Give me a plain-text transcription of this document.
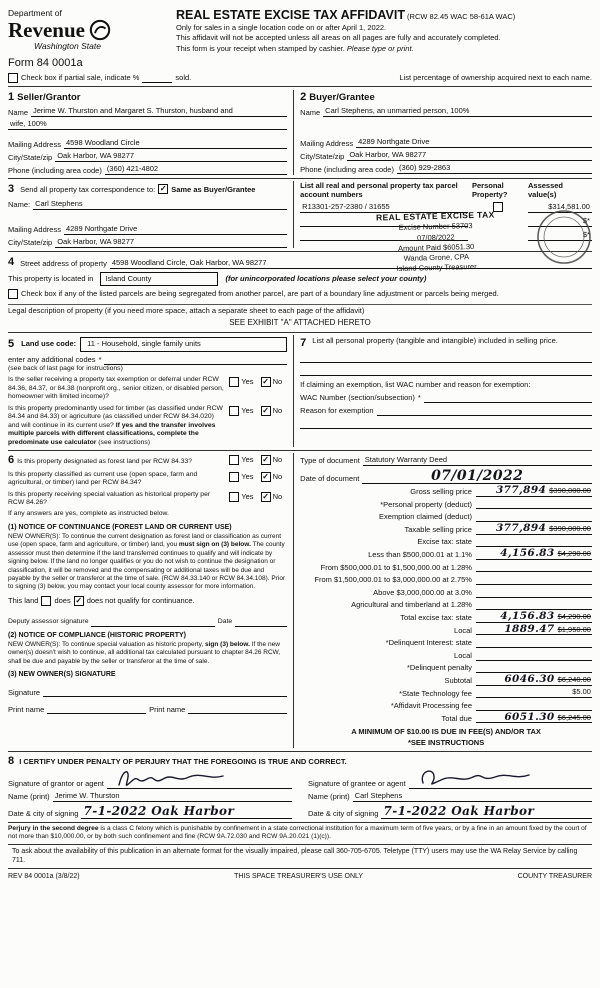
Department of
Revenue
Washington State
REAL ESTATE EXCISE TAX AFFIDAVIT (RCW 82.45 WAC 58-61A WAC)
Only for sales in a single location code on or after April 1, 2022.
This affidavit will not be accepted unless all areas on all pages are fully and accurately completed.
This form is your receipt when stamped by cashier. Please type or print.
Form 84 0001a
Check box if partial sale, indicate %	sold.	List percentage of ownership acquired next to each name.
1 Seller/Grantor
Name Jerime W. Thurston and Margaret S. Thurston, husband and
wife, 100%
Mailing Address 4598 Woodland Circle
City/State/zip Oak Harbor, WA 98277
Phone (including area code) (360) 421-4802
2 Buyer/Grantee
Name Carl Stephens, an unmarried person, 100%
Mailing Address 4289 Northgate Drive
City/State/zip Oak Harbor, WA 98277
Phone (including area code) (360) 929-2863
3 Send all property tax correspondence to: ✓ Same as Buyer/Grantee
Name: Carl Stephens
Mailing Address 4289 Northgate Drive
City/State/zip Oak Harbor, WA 98277
List all real and personal property tax parcel account numbers
Personal Property?
Assessed value(s)
R13301-257-2380 / 31655	$314,581.00
$*
$*
REAL ESTATE EXCISE TAX
Excise Number 53703
07/08/2022
Amount Paid $6051.30
Wanda Grone, CPA
Island County Treasurer
4 Street address of property 4598 Woodland Circle, Oak Harbor, WA 98277
This property is located in	Island County	(for unincorporated locations please select your county)
Check box if any of the listed parcels are being segregated from another parcel, are part of a boundary line adjustment or parcels being merged.
Legal description of property (if you need more space, attach a separate sheet to each page of the affidavit)
SEE EXHIBIT "A" ATTACHED HERETO
5 Land use code:	11 - Household, single family units
enter any additional codes *
(see back of last page for instructions)
Is the seller receiving a property tax exemption or deferral under RCW 84.36, 84.37, or 84.38 (nonprofit org., senior citizen, or disabled person, homeowner with limited income)?
Yes ✓ No
Is this property predominantly used for timber (as classified under RCW 84.34 and 84.33) or agriculture (as classified under RCW 84.34.020) and will continue in its current use? If yes and the transfer involves multiple parcels with different classifications, complete the predominate use calculator (see instructions)
Yes ✓ No
7 List all personal property (tangible and intangible) included in selling price.
If claiming an exemption, list WAC number and reason for exemption:
WAC Number (section/subsection) *
Reason for exemption
6 Is this property designated as forest land per RCW 84.33?	Yes ✓ No
Is this property classified as current use (open space, farm and agricultural, or timber) land per RCW 84.34?
Yes ✓ No
Is this property receiving special valuation as historical property per RCW 84.26?
Yes ✓ No
If any answers are yes, complete as instructed below.
(1) NOTICE OF CONTINUANCE (FOREST LAND OR CURRENT USE)
NEW OWNER(S): To continue the current designation as forest land or classification as current use (open space, farm and agriculture, or timber) land, you must sign on (3) below. The county assessor must then determine if the land transferred continues to qualify and will indicate by signing below. If the land no longer qualifies or you do not wish to continue the designation or classification, it will be removed and the compensating or additional taxes will be due and payable by the seller or transferor at the time of sale. (RCW 84.33.140 or RCW 84.34.108). Prior to signing (3) below, you may contact your local county assessor for more information.
This land does ✓ does not qualify for continuance.
Deputy assessor signature	Date
(2) NOTICE OF COMPLIANCE (HISTORIC PROPERTY)
NEW OWNER(S): To continue special valuation as historic property, sign (3) below. If the new owner(s) doesn't wish to continue, all additional tax calculated pursuant to chapter 84.26 RCW, shall be due and payable by the seller or transferor at the time of sale.
(3) NEW OWNER(S) SIGNATURE
Signature
Print name	Print name
Type of document Statutory Warranty Deed
Date of document	07/01/2022
Gross selling price	377,894 $390,000.00
*Personal property (deduct)
Exemption claimed (deduct)
Taxable selling price	377,894 $390,000.00
Excise tax: state
Less than $500,000.01 at 1.1%	4,156.83 $4,290.00
From $500,000.01 to $1,500,000.00 at 1.28%
From $1,500,000.01 to $3,000,000.00 at 2.75%
Above $3,000,000.00 at 3.0%
Agricultural and timberland at 1.28%
Total excise tax: state	4,156.83 $4,290.00
Local	1889.47 $1,950.00
*Delinquent Interest: state
Local
*Delinquent penalty
Subtotal	6046.30 $6,240.00
*State Technology fee	$5.00
*Affidavit Processing fee
Total due	6051.30 $6,245.00
A MINIMUM OF $10.00 IS DUE IN FEE(S) AND/OR TAX
*SEE INSTRUCTIONS
8 I CERTIFY UNDER PENALTY OF PERJURY THAT THE FOREGOING IS TRUE AND CORRECT.
Signature of grantor or agent
Name (print) Jerime W. Thurston
Date & city of signing 7-1-2022 Oak Harbor
Signature of grantee or agent
Name (print) Carl Stephens
Date & city of signing 7-1-2022 Oak Harbor
Perjury in the second degree is a class C felony which is punishable by confinement in a state correctional institution for a maximum term of five years, or by a fine in an amount fixed by the court of not more than $10,000.00, or by both such confinement and fine (RCW 9A.72.030 and RCW 9A.20.021 (1)(c)).
To ask about the availability of this publication in an alternate format for the visually impaired, please call 360-705-6705. Teletype (TTY) users may use the WA Relay Service by calling 711.
REV 84 0001a (3/8/22)	THIS SPACE TREASURER'S USE ONLY	COUNTY TREASURER
